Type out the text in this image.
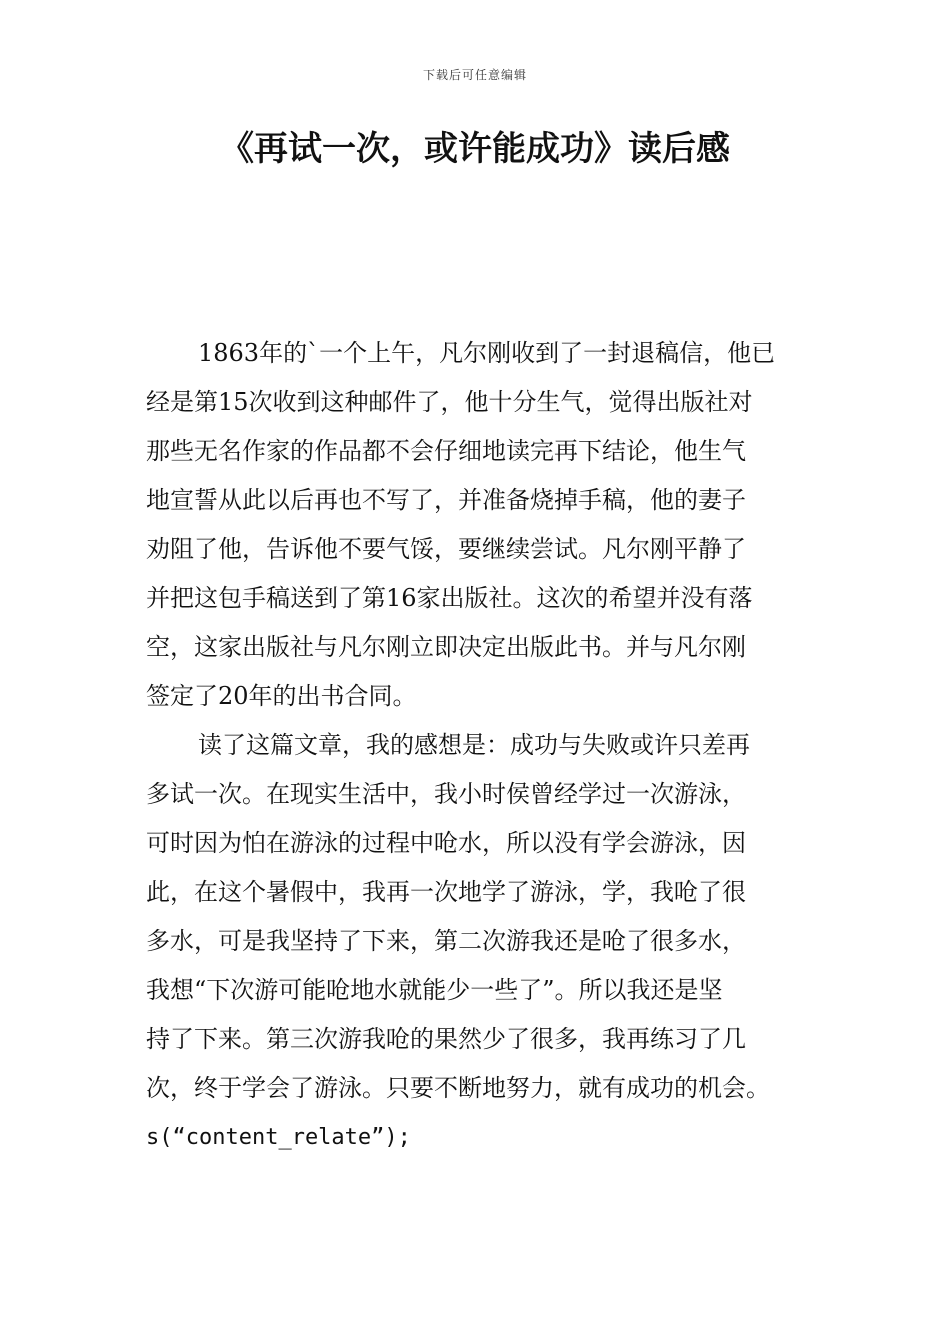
下载后可任意编辑
《再试一次，或许能成功》读后感
1863年的`一个上午，凡尔刚收到了一封退稿信，他已
经是第15次收到这种邮件了，他十分生气，觉得出版社对
那些无名作家的作品都不会仔细地读完再下结论，他生气
地宣誓从此以后再也不写了，并准备烧掉手稿，他的妻子
劝阻了他，告诉他不要气馁，要继续尝试。凡尔刚平静了
并把这包手稿送到了第16家出版社。这次的希望并没有落
空，这家出版社与凡尔刚立即决定出版此书。并与凡尔刚
签定了20年的出书合同。
读了这篇文章，我的感想是：成功与失败或许只差再
多试一次。在现实生活中，我小时侯曾经学过一次游泳，
可时因为怕在游泳的过程中呛水，所以没有学会游泳，因
此，在这个暑假中，我再一次地学了游泳，学，我呛了很
多水，可是我坚持了下来，第二次游我还是呛了很多水，
我想“下次游可能呛地水就能少一些了”。所以我还是坚
持了下来。第三次游我呛的果然少了很多，我再练习了几
次，终于学会了游泳。只要不断地努力，就有成功的机会。
s(“content_relate”);
